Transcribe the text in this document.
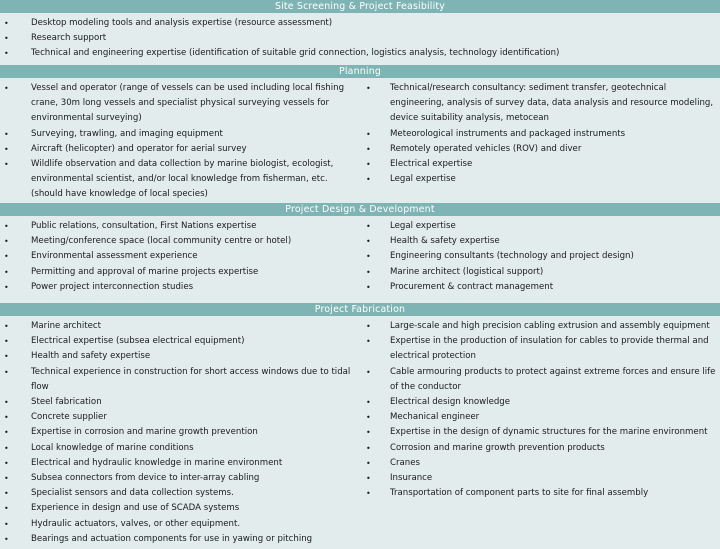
Site Screening & Project Feasibility
• Desktop modeling tools and analysis expertise (resource assessment)
• Research support
• Technical and engineering expertise (identification of suitable grid connection, logistics analysis, technology identification)
Planning
• Vessel and operator (range of vessels can be used including local fishing crane, 30m long vessels and specialist physical surveying vessels for environmental surveying)
• Surveying, trawling, and imaging equipment
• Aircraft (helicopter) and operator for aerial survey
• Wildlife observation and data collection by marine biologist, ecologist, environmental scientist, and/or local knowledge from fisherman, etc. (should have knowledge of local species)
• Technical/research consultancy: sediment transfer, geotechnical engineering, analysis of survey data, data analysis and resource modeling, device suitability analysis, metocean
• Meteorological instruments and packaged instruments
• Remotely operated vehicles (ROV) and diver
• Electrical expertise
• Legal expertise
Project Design & Development
• Public relations, consultation, First Nations expertise
• Meeting/conference space (local community centre or hotel)
• Environmental assessment experience
• Permitting and approval of marine projects expertise
• Power project interconnection studies
• Legal expertise
• Health & safety expertise
• Engineering consultants (technology and project design)
• Marine architect (logistical support)
• Procurement & contract management
Project Fabrication
• Marine architect
• Electrical expertise (subsea electrical equipment)
• Health and safety expertise
• Technical experience in construction for short access windows due to tidal flow
• Steel fabrication
• Concrete supplier
• Expertise in corrosion and marine growth prevention
• Local knowledge of marine conditions
• Electrical and hydraulic knowledge in marine environment
• Subsea connectors from device to inter-array cabling
• Specialist sensors and data collection systems.
• Experience in design and use of SCADA systems
• Hydraulic actuators, valves, or other equipment.
• Bearings and actuation components for use in yawing or pitching
• Large-scale and high precision cabling extrusion and assembly equipment
• Expertise in the production of insulation for cables to provide thermal and electrical protection
• Cable armouring products to protect against extreme forces and ensure life of the conductor
• Electrical design knowledge
• Mechanical engineer
• Expertise in the design of dynamic structures for the marine environment
• Corrosion and marine growth prevention products
• Cranes
• Insurance
• Transportation of component parts to site for final assembly
